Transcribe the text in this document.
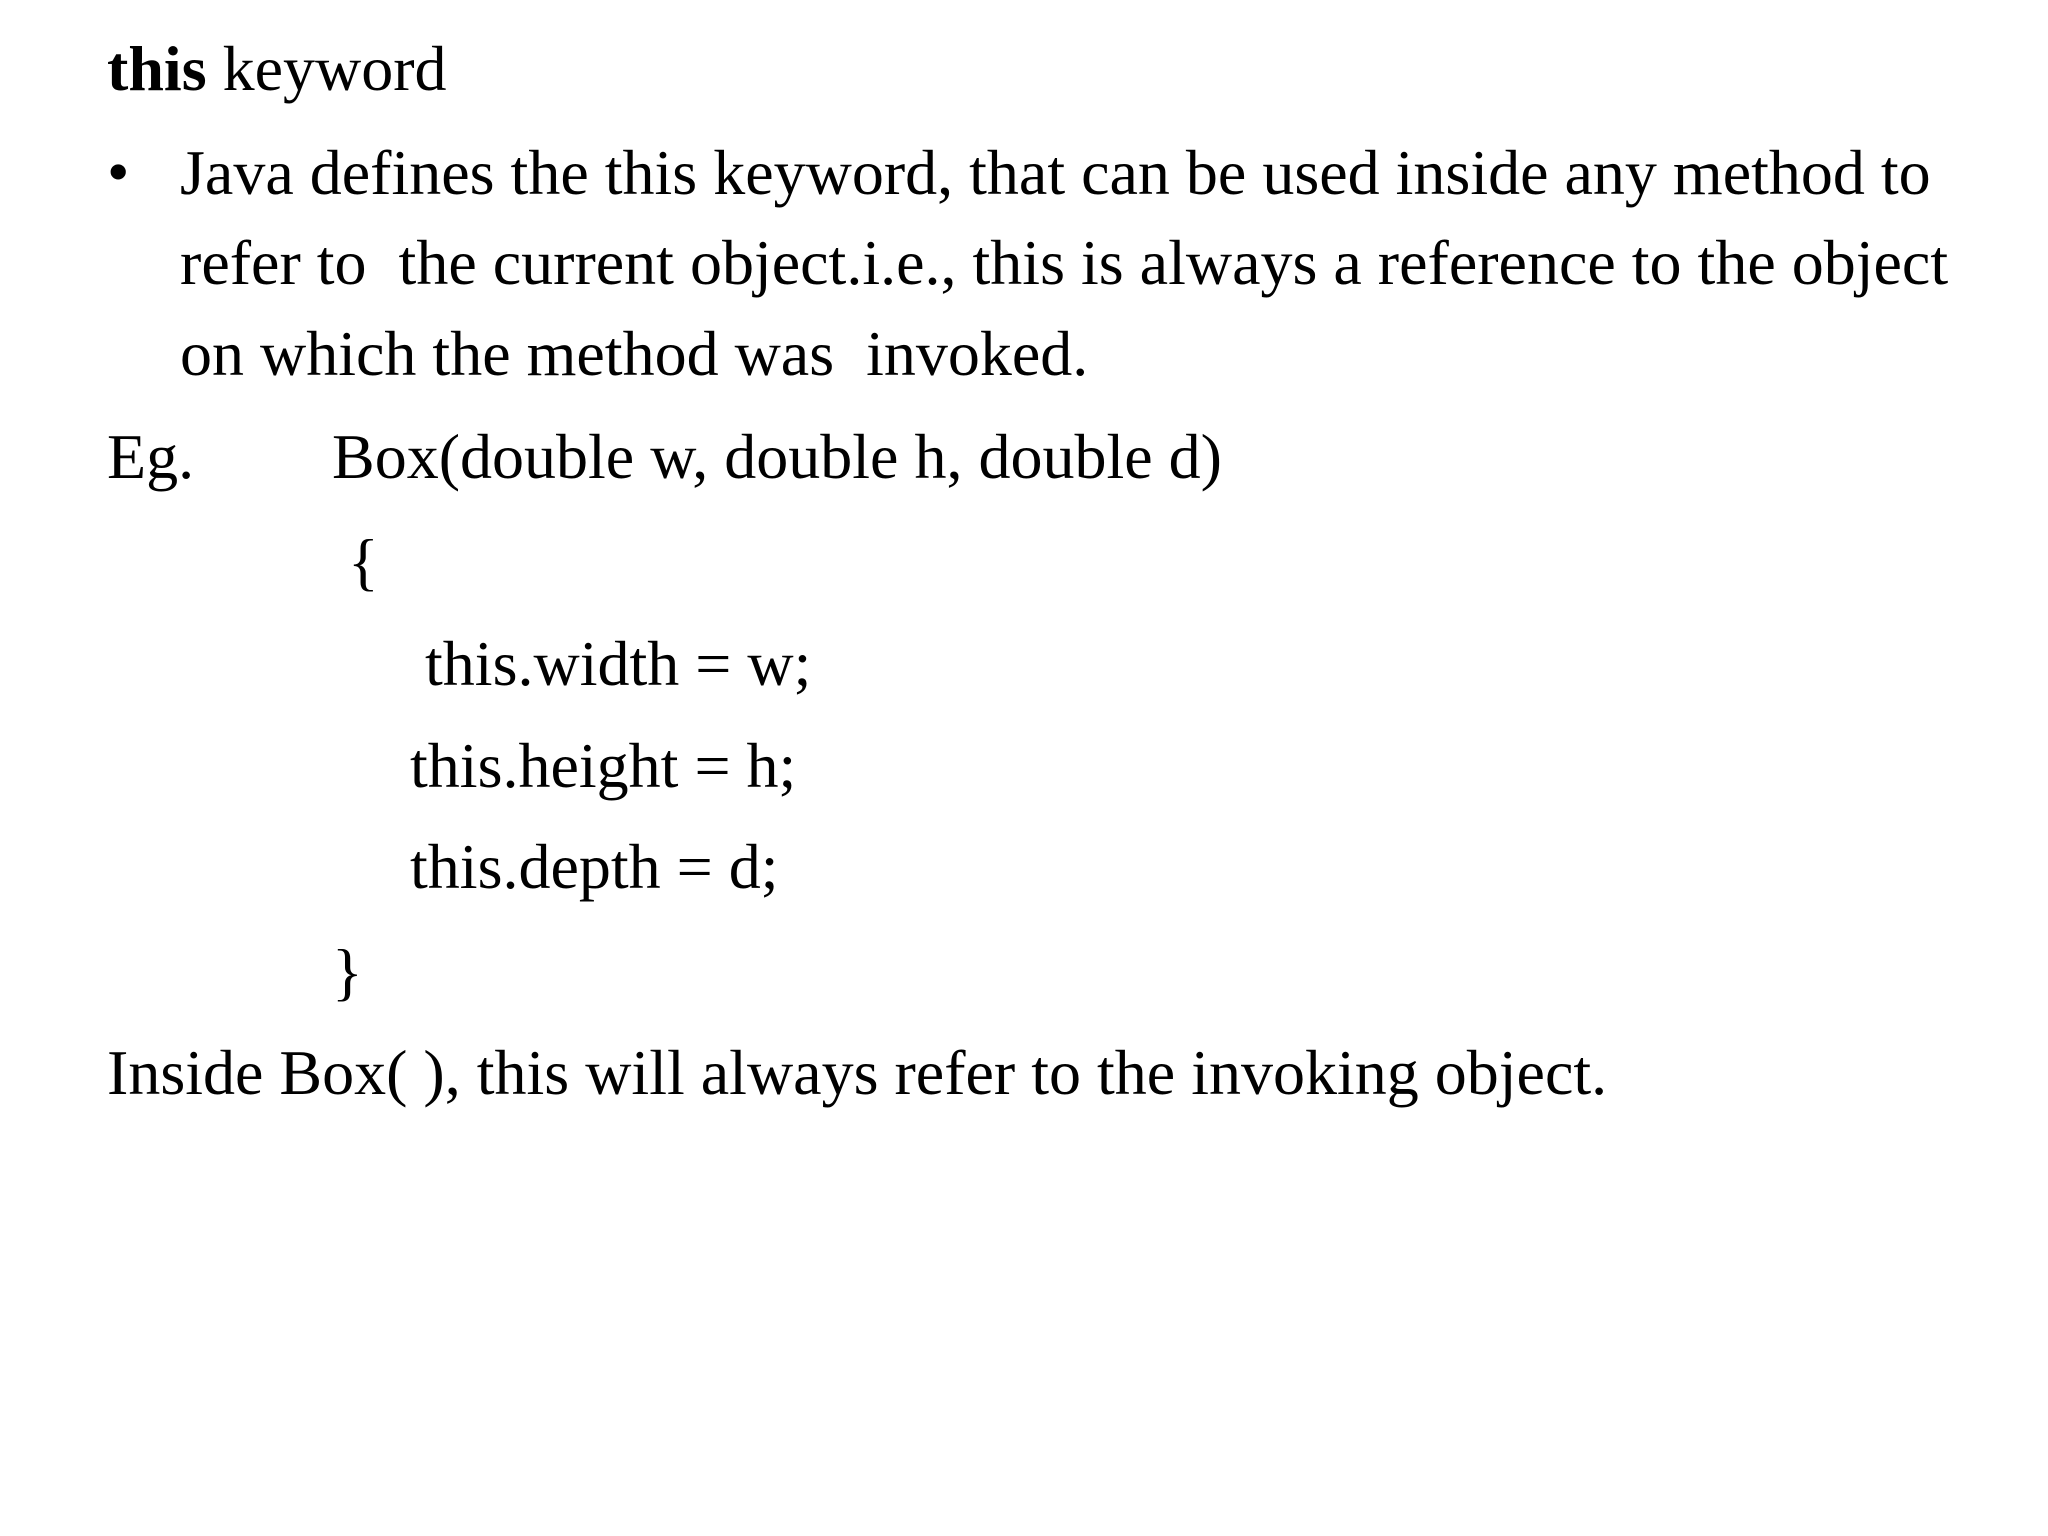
this keyword
• Java defines the this keyword, that can be used inside any method to
refer to  the current object.i.e., this is always a reference to the object
on which the method was  invoked.
Eg. Box(double w, double h, double d)
{
this.width = w;
this.height = h;
this.depth = d;
}
Inside Box( ), this will always refer to the invoking object.
